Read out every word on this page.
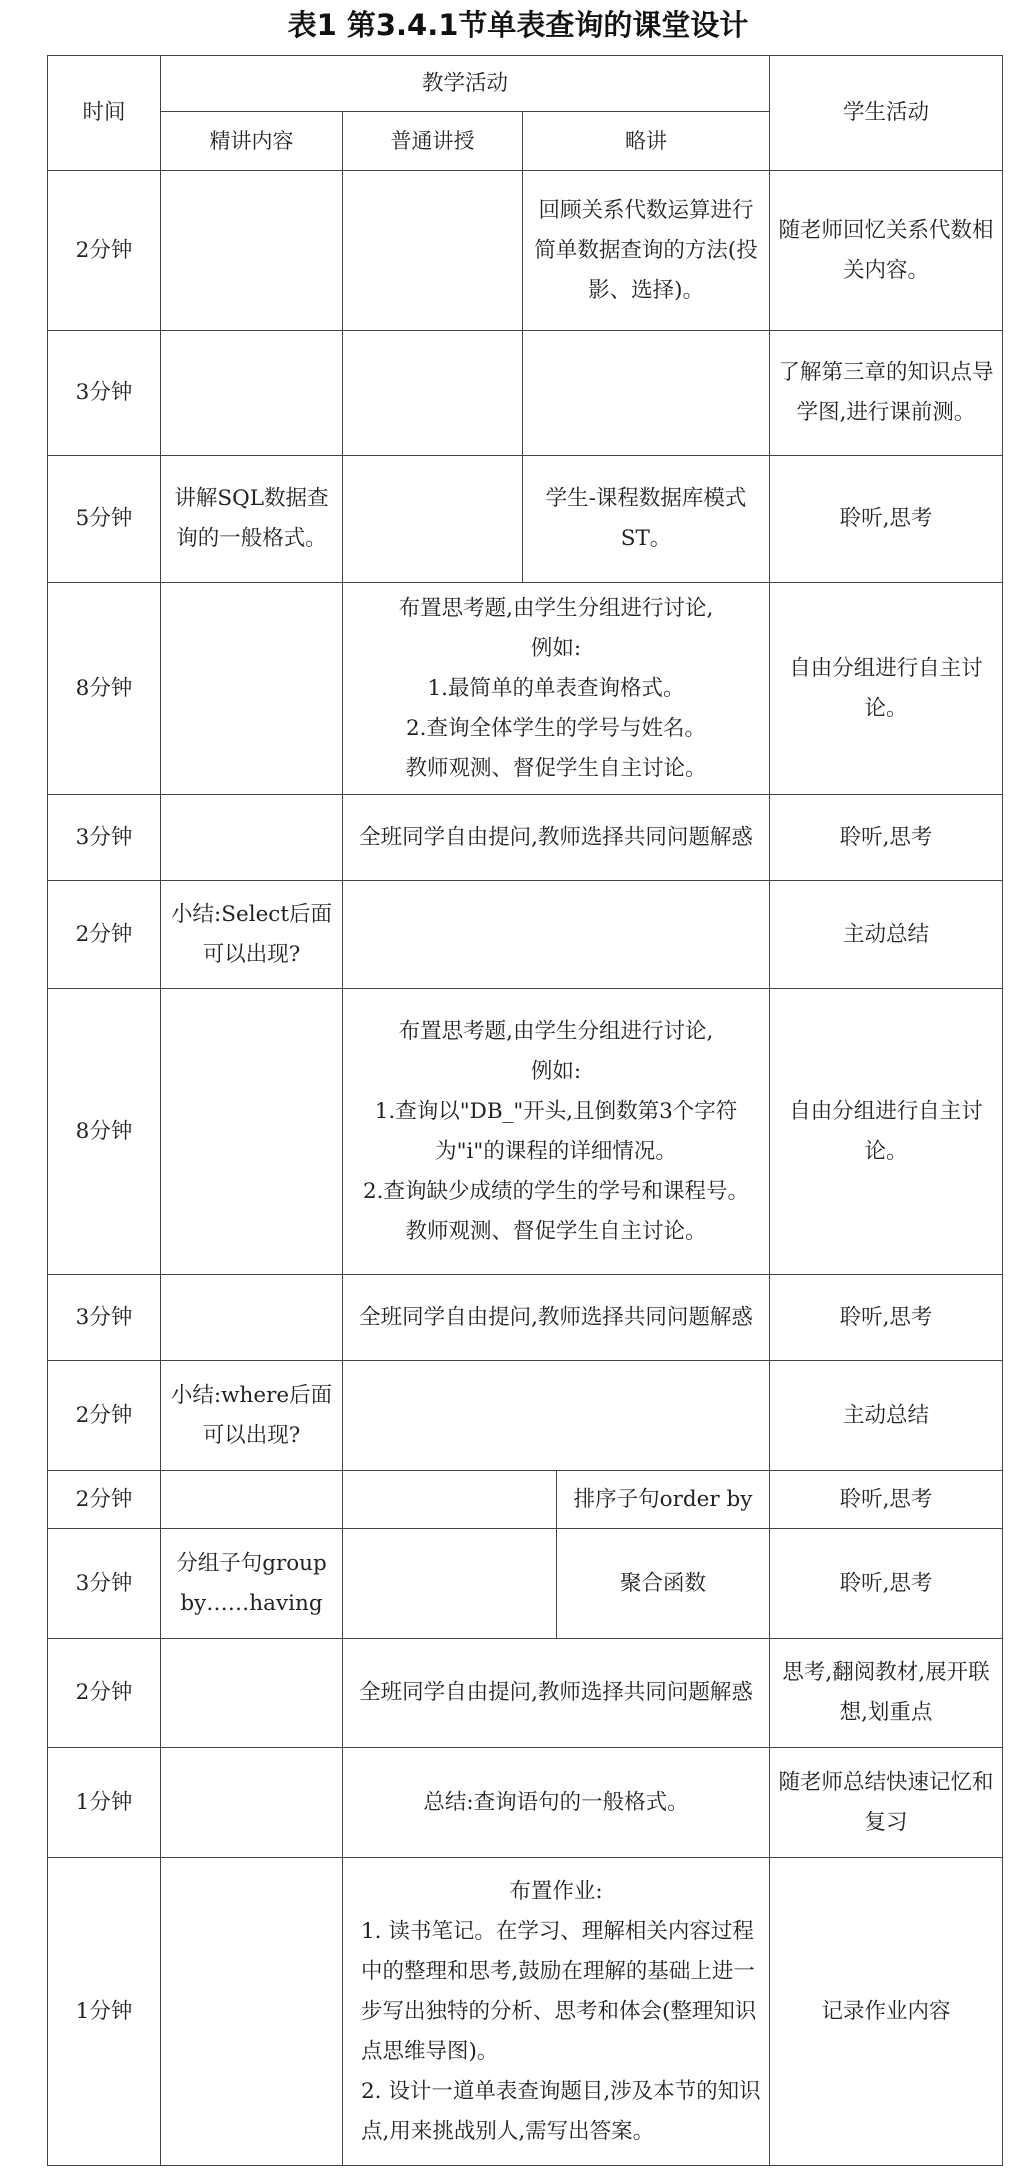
表1 第3.4.1节单表查询的课堂设计
时间	教学活动				学生活动
	精讲内容	普通讲授	略讲		
2分钟			回顾关系代数运算进行简单数据查询的方法(投影、选择)。		随老师回忆关系代数相关内容。
3分钟					了解第三章的知识点导学图,进行课前测。
5分钟	讲解SQL数据查询的一般格式。		学生-课程数据库模式ST。		聆听,思考
8分钟		布置思考题,由学生分组进行讨论,
例如:
1.最简单的单表查询格式。
2.查询全体学生的学号与姓名。
教师观测、督促学生自主讨论。			自由分组进行自主讨论。
3分钟		全班同学自由提问,教师选择共同问题解惑			聆听,思考
2分钟	小结:Select后面可以出现?				主动总结
8分钟		布置思考题,由学生分组进行讨论,
例如:
1.查询以"DB_"开头,且倒数第3个字符为"i"的课程的详细情况。
2.查询缺少成绩的学生的学号和课程号。
教师观测、督促学生自主讨论。			自由分组进行自主讨论。
3分钟		全班同学自由提问,教师选择共同问题解惑			聆听,思考
2分钟	小结:where后面可以出现?				主动总结
2分钟				排序子句order by	聆听,思考
3分钟	分组子句group by……having			聚合函数	聆听,思考
2分钟		全班同学自由提问,教师选择共同问题解惑			思考,翻阅教材,展开联想,划重点
1分钟		总结:查询语句的一般格式。			随老师总结快速记忆和复习
1分钟		布置作业:
1. 读书笔记。在学习、理解相关内容过程中的整理和思考,鼓励在理解的基础上进一步写出独特的分析、思考和体会(整理知识点思维导图)。
2. 设计一道单表查询题目,涉及本节的知识点,用来挑战别人,需写出答案。			记录作业内容
